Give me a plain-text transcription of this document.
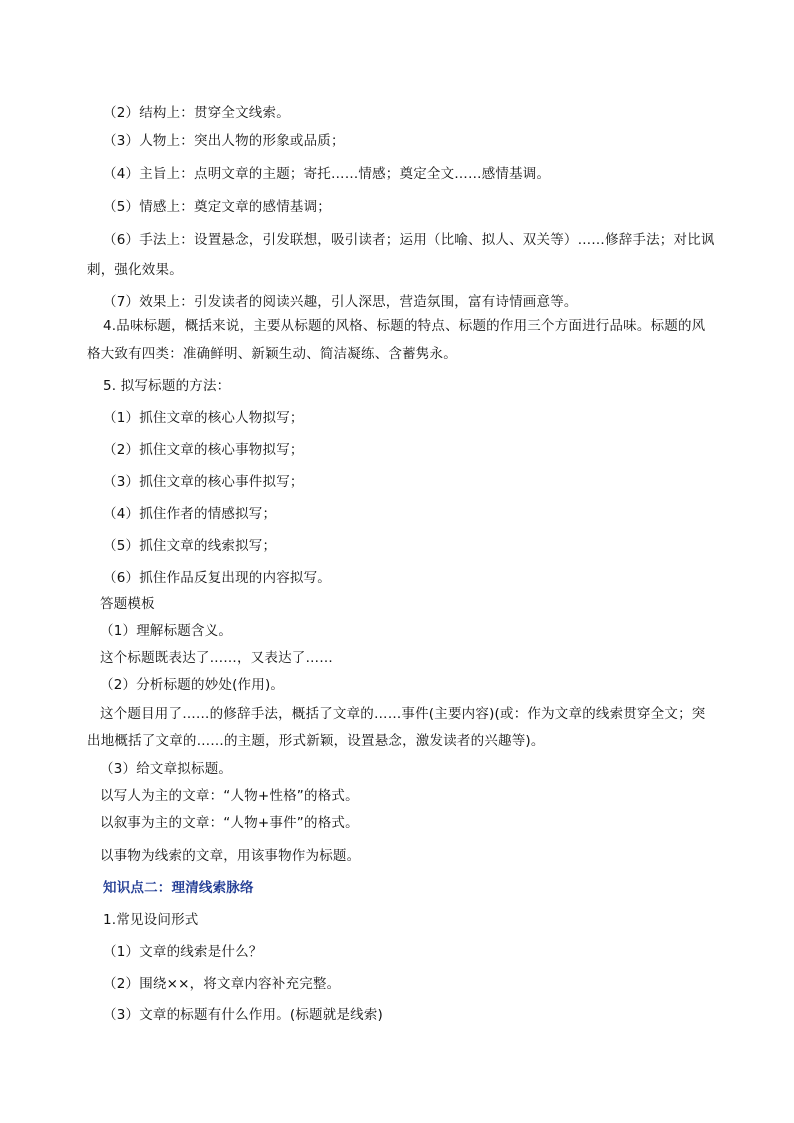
（2）结构上：贯穿全文线索。
（3）人物上：突出人物的形象或品质；
（4）主旨上：点明文章的主题；寄托……情感；奠定全文……感情基调。
（5）情感上：奠定文章的感情基调；
（6）手法上：设置悬念，引发联想，吸引读者；运用（比喻、拟人、双关等）……修辞手法；对比讽
刺，强化效果。
（7）效果上：引发读者的阅读兴趣，引人深思，营造氛围，富有诗情画意等。
4.品味标题，概括来说，主要从标题的风格、标题的特点、标题的作用三个方面进行品味。标题的风
格大致有四类：准确鲜明、新颖生动、简洁凝练、含蓄隽永。
5. 拟写标题的方法：
（1）抓住文章的核心人物拟写；
（2）抓住文章的核心事物拟写；
（3）抓住文章的核心事件拟写；
（4）抓住作者的情感拟写；
（5）抓住文章的线索拟写；
（6）抓住作品反复出现的内容拟写。
答题模板
（1）理解标题含义。
这个标题既表达了……，又表达了……
（2）分析标题的妙处(作用)。
这个题目用了……的修辞手法，概括了文章的……事件(主要内容)(或：作为文章的线索贯穿全文；突
出地概括了文章的……的主题，形式新颖，设置悬念，激发读者的兴趣等)。
（3）给文章拟标题。
以写人为主的文章：“人物+性格”的格式。
以叙事为主的文章：“人物+事件”的格式。
以事物为线索的文章，用该事物作为标题。
知识点二：理清线索脉络
1.常见设问形式
（1）文章的线索是什么？
（2）围绕××，将文章内容补充完整。
（3）文章的标题有什么作用。(标题就是线索)
